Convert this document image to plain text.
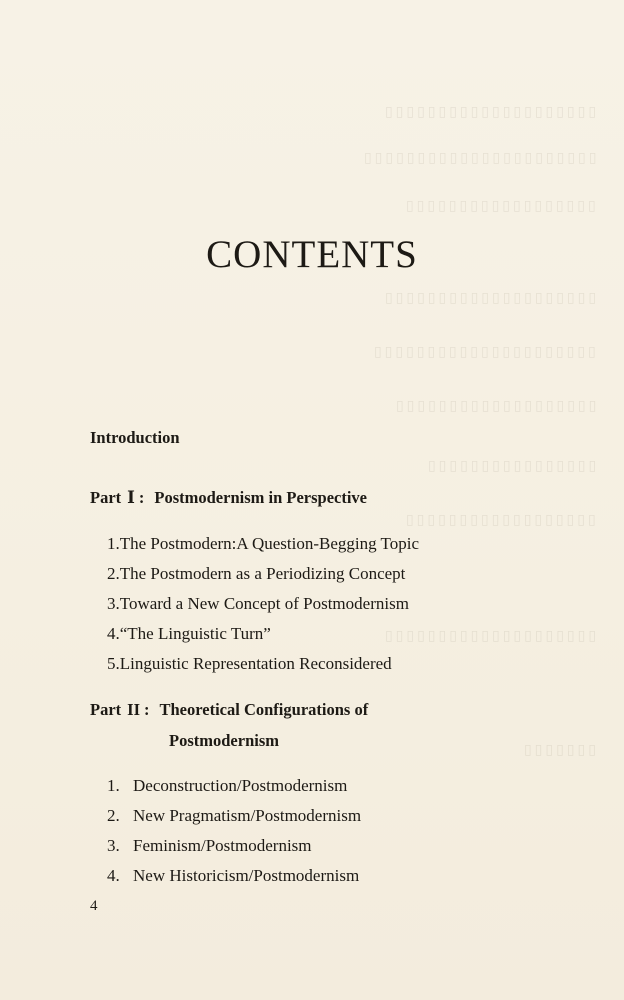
▯▯▯▯▯▯▯▯▯▯▯▯▯▯▯▯▯▯▯▯
▯▯▯▯▯▯▯▯▯▯▯▯▯▯▯▯▯▯▯▯▯▯
▯▯▯▯▯▯▯▯▯▯▯▯▯▯▯▯▯▯
▯▯▯▯▯▯▯▯▯▯▯▯▯▯▯▯▯▯▯▯
▯▯▯▯▯▯▯▯▯▯▯▯▯▯▯▯▯▯▯▯▯
▯▯▯▯▯▯▯▯▯▯▯▯▯▯▯▯▯▯▯
▯▯▯▯▯▯▯▯▯▯▯▯▯▯▯▯
▯▯▯▯▯▯▯▯▯▯▯▯▯▯▯▯▯▯
▯▯▯▯▯▯▯▯▯▯▯▯▯▯▯▯▯▯▯▯
▯▯▯▯▯▯▯
CONTENTS
Introduction
Part Ⅰ : Postmodernism in Perspective
1.The Postmodern:A Question-Begging Topic
2.The Postmodern as a Periodizing Concept
3.Toward a New Concept of Postmodernism
4.“The Linguistic Turn”
5.Linguistic Representation Reconsidered
Part II : Theoretical Configurations of
Postmodernism
1. Deconstruction/Postmodernism
2. New Pragmatism/Postmodernism
3. Feminism/Postmodernism
4. New Historicism/Postmodernism
4
